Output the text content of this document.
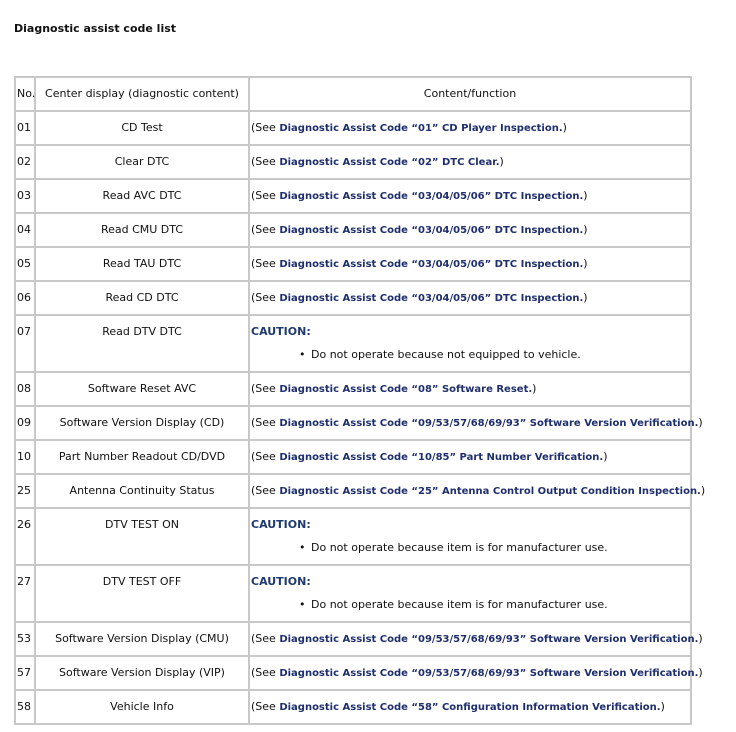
Diagnostic assist code list
No.	Center display (diagnostic content)	Content/function
01	CD Test	(See Diagnostic Assist Code “01” CD Player Inspection.)
02	Clear DTC	(See Diagnostic Assist Code “02” DTC Clear.)
03	Read AVC DTC	(See Diagnostic Assist Code “03/04/05/06” DTC Inspection.)
04	Read CMU DTC	(See Diagnostic Assist Code “03/04/05/06” DTC Inspection.)
05	Read TAU DTC	(See Diagnostic Assist Code “03/04/05/06” DTC Inspection.)
06	Read CD DTC	(See Diagnostic Assist Code “03/04/05/06” DTC Inspection.)
07	Read DTV DTC	CAUTION:
• Do not operate because not equipped to vehicle.

08	Software Reset AVC	(See Diagnostic Assist Code “08” Software Reset.)
09	Software Version Display (CD)	(See Diagnostic Assist Code “09/53/57/68/69/93” Software Version Verification.)
10	Part Number Readout CD/DVD	(See Diagnostic Assist Code “10/85” Part Number Verification.)
25	Antenna Continuity Status	(See Diagnostic Assist Code “25” Antenna Control Output Condition Inspection.)
26	DTV TEST ON	CAUTION:
• Do not operate because item is for manufacturer use.

27	DTV TEST OFF	CAUTION:
• Do not operate because item is for manufacturer use.

53	Software Version Display (CMU)	(See Diagnostic Assist Code “09/53/57/68/69/93” Software Version Verification.)
57	Software Version Display (VIP)	(See Diagnostic Assist Code “09/53/57/68/69/93” Software Version Verification.)
58	Vehicle Info	(See Diagnostic Assist Code “58” Configuration Information Verification.)
